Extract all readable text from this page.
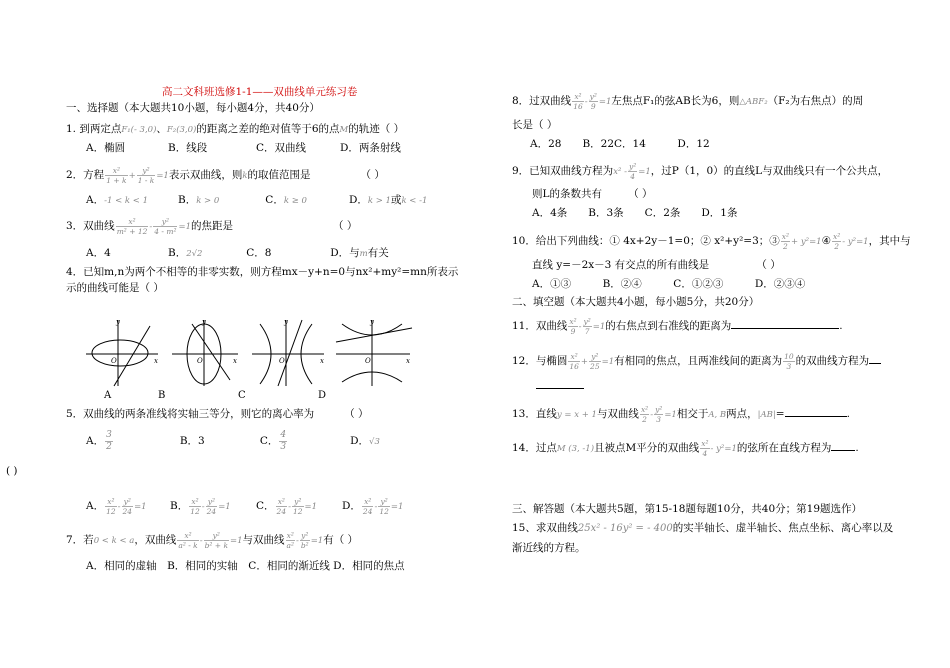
高二文科班选修1-1——双曲线单元练习卷
一、选择题（本大题共10小题，每小题4分，共40分）
1. 到两定点F₁(- 3,0)、F₂(3,0)的距离之差的绝对值等于6的点M的轨迹（ ）
A．椭圆	B．线段	C．双曲线	D．两条射线
2．方程 $\frac{\text{x²}}{1 + k} + \frac{\text{y²}}{1 - k} =1$表示双曲线，则k的取值范围是	（ ）
A．-1 < k < 1	B．k > 0	C．k ≥ 0	D．k > 1或k < -1
3．双曲线 $\frac{\text{x²}}{\text{m² + 12}} - \frac{\text{y²}}{\text{4 - m²}} =1$的焦距是	（ ）
A．4	B．2√2	C．8	D．与m有关
4．已知m,n为两个不相等的非零实数，则方程mx－y+n=0与nx²+my²=mn所表示
示的曲线可能是（ ）
y
x
O
y
x
O
y
x
O
y
x
O
A	B	C	D
5．双曲线的两条准线将实轴三等分，则它的离心率为	（ ）
A． $\frac{3}{2}$	B．3	C． $\frac{4}{3}$	D．√3
( )
A． $\frac{\text{x²}}{12} - \frac{\text{y²}}{24} =1$ B． $\frac{\text{x²}}{12} - \frac{\text{y²}}{24} =1$ C． $\frac{\text{x²}}{24} - \frac{\text{y²}}{12} =1$ D． $\frac{\text{x²}}{24} - \frac{\text{y²}}{12} =1$
7．若0 < k < a，双曲线 $\frac{\text{x²}}{\text{a² - k}} - \frac{\text{y²}}{\text{b² + k}} =1$与双曲线 $\frac{\text{x²}}{\text{a²}} - \frac{\text{y²}}{\text{b²}} =1$有（ ）
A．相同的虚轴　B．相同的实轴　C．相同的渐近线 D．相同的焦点
8．过双曲线 $\frac{\text{x²}}{16} - \frac{\text{y²}}{9} =1$左焦点F₁的弦AB长为6，则△ABF₂（F₂为右焦点）的周
长是（ ）
A．28　　B．22C．14　　　D．12
9．已知双曲线方程为$x^2 - \frac{\text{y²}}{4} =1$，过P（1，0）的直线L与双曲线只有一个公共点，
则L的条数共有　　　（ ）
A．4条　　B．3条　　C．2条　　D．1条
10．给出下列曲线：① 4x+2y－1=0；② x²+y²=3；③ $\frac{\text{x²}}{2}$ + y²=1④ $\frac{\text{x²}}{2} - y^2=1$，其中与
直线 y=－2x－3 有交点的所有曲线是　　　　　（ ）
A．①③　　　B．②④　　　C．①②③　　　D．②③④
二、填空题（本大题共4小题，每小题5分，共20分）
11．双曲线 $\frac{\text{x²}}{9} - \frac{\text{y²}}{7} =1$的右焦点到右准线的距离为	.
12．与椭圆 $\frac{\text{x²}}{16} + \frac{\text{y²}}{25} =1$有相同的焦点，且两准线间的距离为 $\frac{10}{3}$ 的双曲线方程为
13．直线y = x + 1与双曲线 $\frac{\text{x²}}{2} - \frac{\text{y²}}{3} =1$相交于A, B两点，|AB|=	.
14．过点M (3, -1)且被点M平分的双曲线 $\frac{\text{x²}}{4} - y^2=1$的弦所在直线方程为 .
三、解答题（本大题共5题，第15-18题每题10分，共40分；第19题选作）
15、求双曲线25x² - 16y² = - 400的实半轴长、虚半轴长、焦点坐标、离心率以及
渐近线的方程。
